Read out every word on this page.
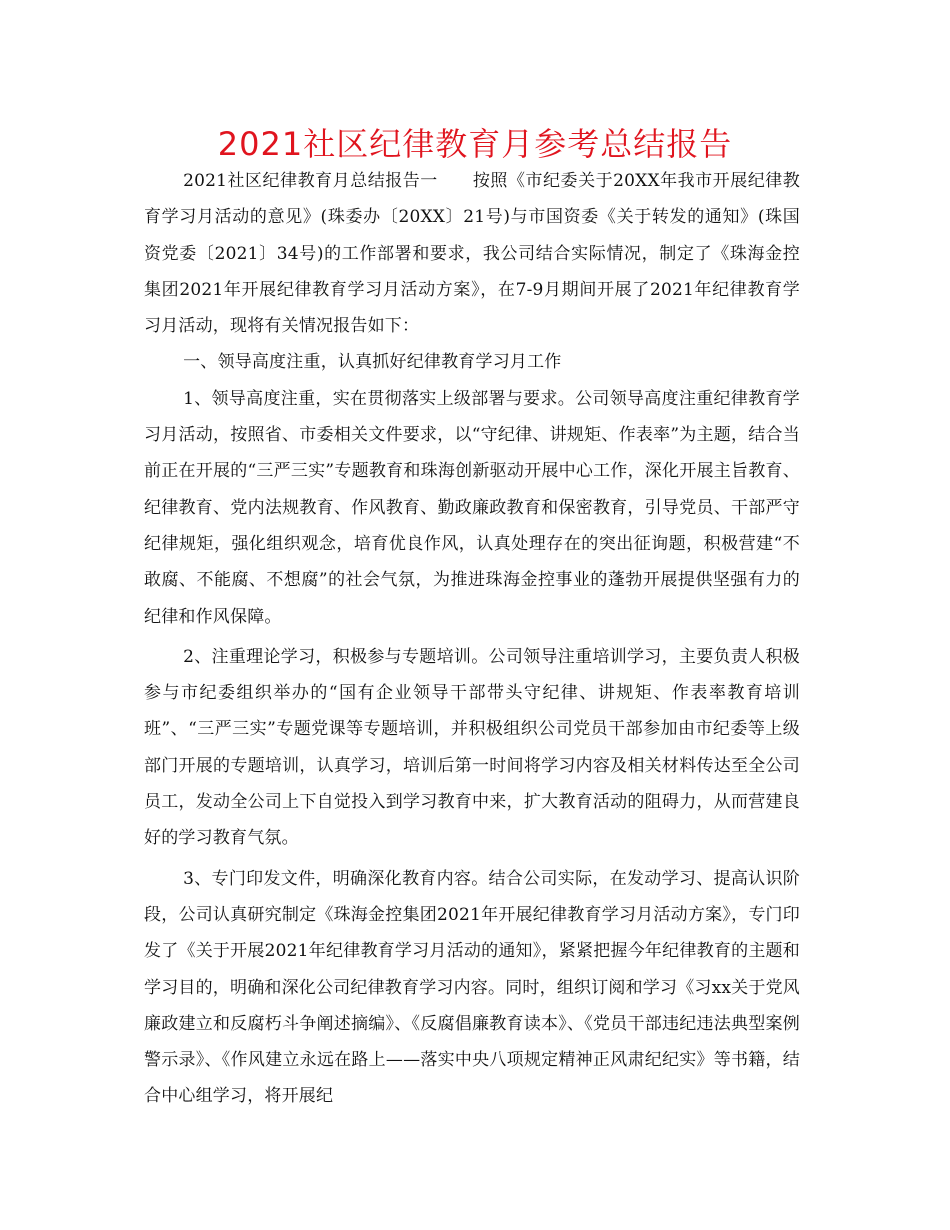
2021社区纪律教育月参考总结报告

2021社区纪律教育月总结报告一　　按照《市纪委关于20XX年我市开展纪律教育学习月活动的意见》(珠委办〔20XX〕21号)与市国资委《关于转发的通知》(珠国资党委〔2021〕34号)的工作部署和要求，我公司结合实际情况，制定了《珠海金控集团2021年开展纪律教育学习月活动方案》，在7-9月期间开展了2021年纪律教育学习月活动，现将有关情况报告如下：

一、领导高度注重，认真抓好纪律教育学习月工作

1、领导高度注重，实在贯彻落实上级部署与要求。公司领导高度注重纪律教育学习月活动，按照省、市委相关文件要求，以“守纪律、讲规矩、作表率”为主题，结合当前正在开展的“三严三实”专题教育和珠海创新驱动开展中心工作，深化开展主旨教育、纪律教育、党内法规教育、作风教育、勤政廉政教育和保密教育，引导党员、干部严守纪律规矩，强化组织观念，培育优良作风，认真处理存在的突出征询题，积极营建“不敢腐、不能腐、不想腐”的社会气氛，为推进珠海金控事业的蓬勃开展提供坚强有力的纪律和作风保障。

2、注重理论学习，积极参与专题培训。公司领导注重培训学习，主要负责人积极参与市纪委组织举办的“国有企业领导干部带头守纪律、讲规矩、作表率教育培训班”、“三严三实”专题党课等专题培训，并积极组织公司党员干部参加由市纪委等上级部门开展的专题培训，认真学习，培训后第一时间将学习内容及相关材料传达至全公司员工，发动全公司上下自觉投入到学习教育中来，扩大教育活动的阻碍力，从而营建良好的学习教育气氛。

3、专门印发文件，明确深化教育内容。结合公司实际，在发动学习、提高认识阶段，公司认真研究制定《珠海金控集团2021年开展纪律教育学习月活动方案》，专门印发了《关于开展2021年纪律教育学习月活动的通知》，紧紧把握今年纪律教育的主题和学习目的，明确和深化公司纪律教育学习内容。同时，组织订阅和学习《习xx关于党风廉政建立和反腐朽斗争阐述摘编》、《反腐倡廉教育读本》、《党员干部违纪违法典型案例警示录》、《作风建立永远在路上——落实中央八项规定精神正风肃纪纪实》等书籍，结合中心组学习，将开展纪
